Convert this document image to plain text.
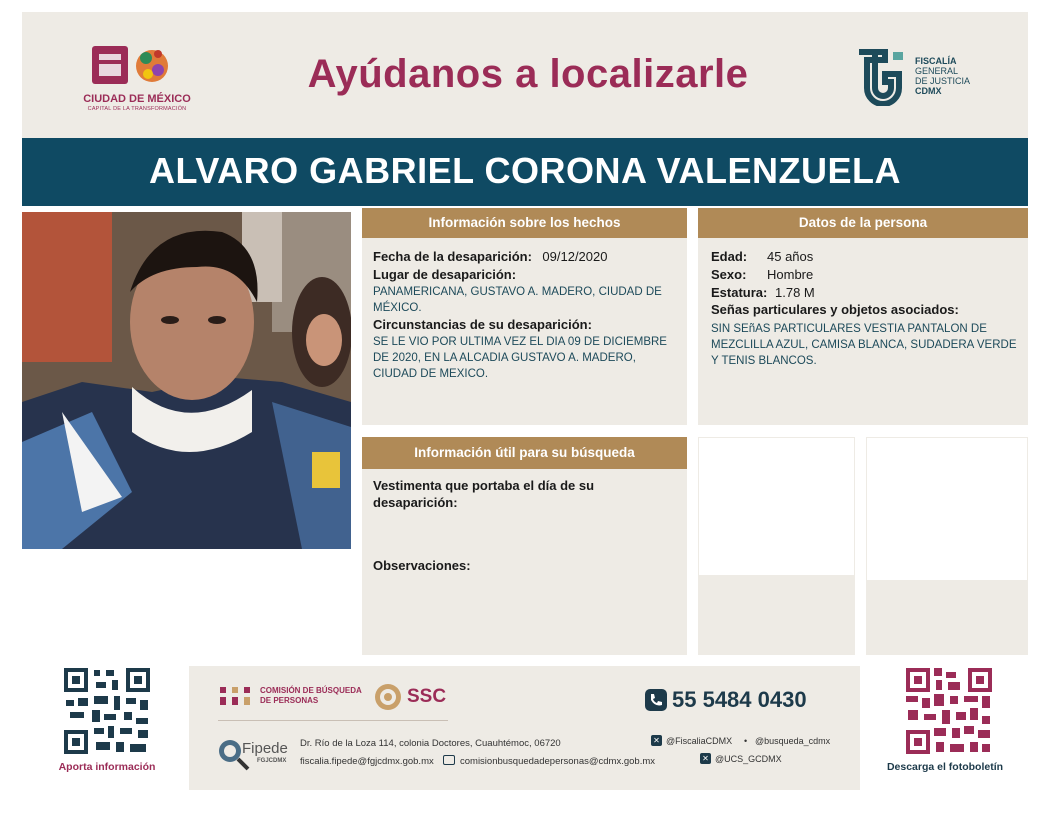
CIUDAD DE MÉXICO
CAPITAL DE LA TRANSFORMACIÓN
Ayúdanos a localizarle	FISCALÍA
GENERAL
DE JUSTICIA
CDMX
ALVARO GABRIEL CORONA VALENZUELA
Información sobre los hechos
Fecha de la desaparición: 09/12/2020
Lugar de desaparición:
PANAMERICANA, GUSTAVO A. MADERO, CIUDAD DE MÉXICO.
Circunstancias de su desaparición:
SE LE VIO POR ULTIMA VEZ EL DIA 09 DE DICIEMBRE DE 2020, EN LA ALCADIA GUSTAVO A. MADERO, CIUDAD DE MEXICO.
Datos de la persona
Edad: 45 años
Sexo: Hombre
Estatura: 1.78 M
Señas particulares y objetos asociados:
SIN SEñAS PARTICULARES VESTIA PANTALON DE MEZCLILLA AZUL, CAMISA BLANCA, SUDADERA VERDE Y TENIS BLANCOS.
Información útil para su búsqueda
Vestimenta que portaba el día de su desaparición:
Observaciones:
Aporta información
COMISIÓN DE BÚSQUEDA
DE PERSONAS	SSC
Fipede
FGJCDMX
Dr. Río de la Loza 114, colonia Doctores, Cuauhtémoc, 06720
fiscalia.fipede@fgjcdmx.gob.mx	comisionbusquedadepersonas@cdmx.gob.mx
55 5484 0430
✕ @FiscaliaCDMX • @busqueda_cdmx
✕ @UCS_GCDMX
Descarga el fotoboletín
